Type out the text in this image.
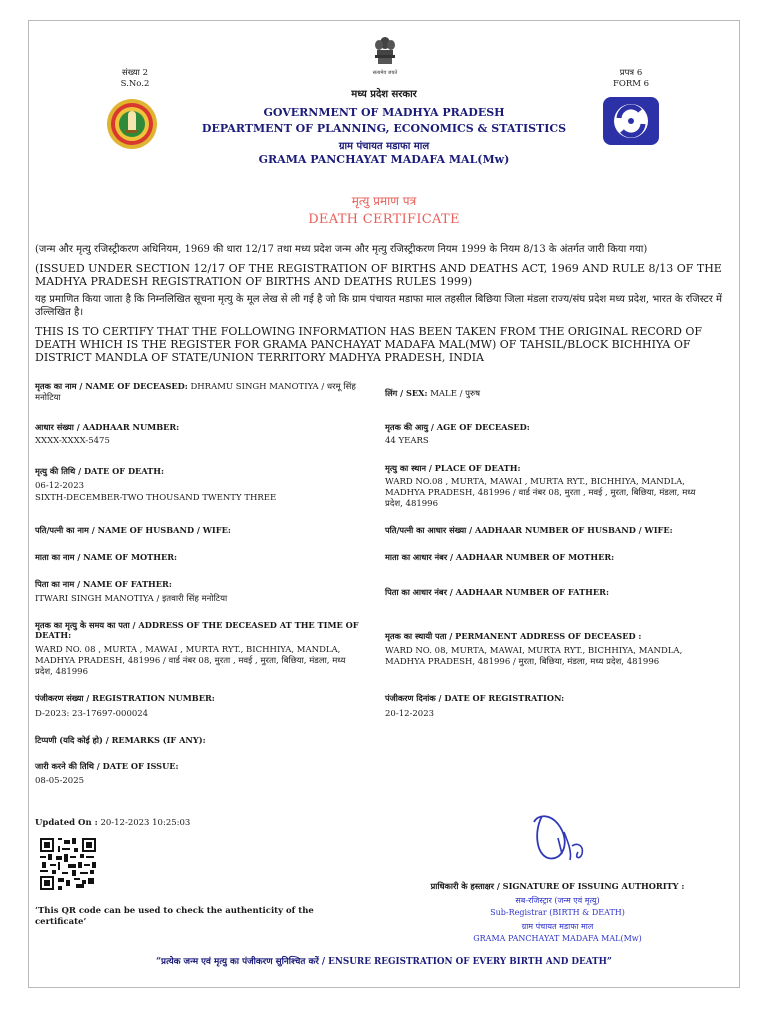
संख्या 2
S.No.2
सत्यमेव जयते
मध्य प्रदेश सरकार
GOVERNMENT OF MADHYA PRADESH
DEPARTMENT OF PLANNING, ECONOMICS & STATISTICS
ग्राम पंचायत मडाफा माल
GRAMA PANCHAYAT MADAFA MAL(Mw)
प्रपत्र 6
FORM 6
मृत्यु प्रमाण पत्र
DEATH CERTIFICATE
(जन्म और मृत्यु रजिस्ट्रीकरण अधिनियम, 1969 की धारा 12/17 तथा मध्य प्रदेश जन्म और मृत्यु रजिस्ट्रीकरण नियम 1999 के नियम 8/13 के अंतर्गत जारी किया गया)
(ISSUED UNDER SECTION 12/17 OF THE REGISTRATION OF BIRTHS AND DEATHS ACT, 1969 AND RULE 8/13 OF THE MADHYA PRADESH REGISTRATION OF BIRTHS AND DEATHS RULES 1999)
यह प्रमाणित किया जाता है कि निम्नलिखित सूचना मृत्यु के मूल लेख से ली गई है जो कि ग्राम पंचायत मडाफा माल तहसील बिछिया जिला मंडला राज्य/संघ प्रदेश मध्य प्रदेश, भारत के रजिस्टर में उल्लिखित है।
THIS IS TO CERTIFY THAT THE FOLLOWING INFORMATION HAS BEEN TAKEN FROM THE ORIGINAL RECORD OF DEATH WHICH IS THE REGISTER FOR GRAMA PANCHAYAT MADAFA MAL(MW) OF TAHSIL/BLOCK BICHHIYA OF DISTRICT MANDLA OF STATE/UNION TERRITORY MADHYA PRADESH, INDIA
मृतक का नाम / NAME OF DECEASED: DHRAMU SINGH MANOTIYA / धरमू सिंह मनोटिया	लिंग / SEX: MALE / पुरुष
आधार संख्या / AADHAAR NUMBER:
XXXX-XXXX-5475
मृतक की आयु / AGE OF DECEASED:
44 YEARS
मृत्यु की तिथि / DATE OF DEATH:
06-12-2023
SIXTH-DECEMBER-TWO THOUSAND TWENTY THREE
मृत्यु का स्थान / PLACE OF DEATH:
WARD NO.08 , MURTA, MAWAI , MURTA RYT., BICHHIYA, MANDLA, MADHYA PRADESH, 481996 / वार्ड नंबर 08, मुरता , मवई , मुरता, बिछिया, मंडला, मध्य प्रदेश, 481996
पति/पत्नी का नाम / NAME OF HUSBAND / WIFE:	पति/पत्नी का आधार संख्या / AADHAAR NUMBER OF HUSBAND / WIFE:
माता का नाम / NAME OF MOTHER:	माता का आधार नंबर / AADHAAR NUMBER OF MOTHER:
पिता का नाम / NAME OF FATHER:
ITWARI SINGH MANOTIYA / इतवारी सिंह मनोटिया
पिता का आधार नंबर / AADHAAR NUMBER OF FATHER:
मृतक का मृत्यु के समय का पता / ADDRESS OF THE DECEASED AT THE TIME OF DEATH:
WARD NO. 08 , MURTA , MAWAI , MURTA RYT., BICHHIYA, MANDLA, MADHYA PRADESH, 481996 / वार्ड नंबर 08, मुरता , मवई , मुरता, बिछिया, मंडला, मध्य प्रदेश, 481996
मृतक का स्थायी पता / PERMANENT ADDRESS OF DECEASED :
WARD NO. 08, MURTA, MAWAI, MURTA RYT., BICHHIYA, MANDLA, MADHYA PRADESH, 481996 / मुरता, बिछिया, मंडला, मध्य प्रदेश, 481996
पंजीकरण संख्या / REGISTRATION NUMBER:
D-2023: 23-17697-000024
पंजीकरण दिनांक / DATE OF REGISTRATION:
20-12-2023
टिप्पणी (यदि कोई हो) / REMARKS (IF ANY):
जारी करने की तिथि / DATE OF ISSUE:
08-05-2025
Updated On : 20-12-2023 10:25:03
‘This QR code can be used to check the authenticity of the certificate’
प्राधिकारी के हस्ताक्षर / SIGNATURE OF ISSUING AUTHORITY :
सब-रजिस्ट्रार (जन्म एवं मृत्यु)
Sub-Registrar (BIRTH & DEATH)
ग्राम पंचायत मडाफा माल
GRAMA PANCHAYAT MADAFA MAL(Mw)
“प्रत्येक जन्म एवं मृत्यु का पंजीकरण सुनिश्चित करें / ENSURE REGISTRATION OF EVERY BIRTH AND DEATH”
